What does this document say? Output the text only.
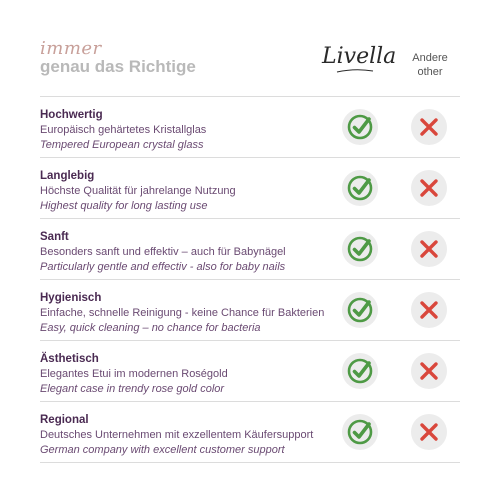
immer
genau das Richtige	Livella	Andere
other
Hochwertig
Europäisch gehärtetes Kristallglas
Tempered European crystal glass
Langlebig
Höchste Qualität für jahrelange Nutzung
Highest quality for long lasting use
Sanft
Besonders sanft und effektiv – auch für Babynägel
Particularly gentle and effectiv - also for baby nails
Hygienisch
Einfache, schnelle Reinigung - keine Chance für Bakterien
Easy, quick cleaning – no chance for bacteria
Ästhetisch
Elegantes Etui im modernen Roségold
Elegant case in trendy rose gold color
Regional
Deutsches Unternehmen mit exzellentem Käufersupport
German company with excellent customer support
